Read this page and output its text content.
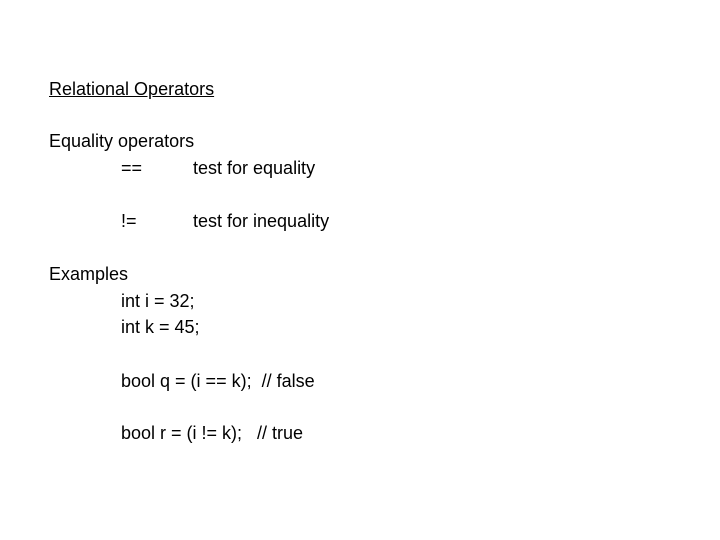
Relational Operators
Equality operators
==	test for equality
!=	test for inequality
Examples
int i = 32;
int k = 45;
bool q = (i == k);  // false
bool r = (i != k);   // true
